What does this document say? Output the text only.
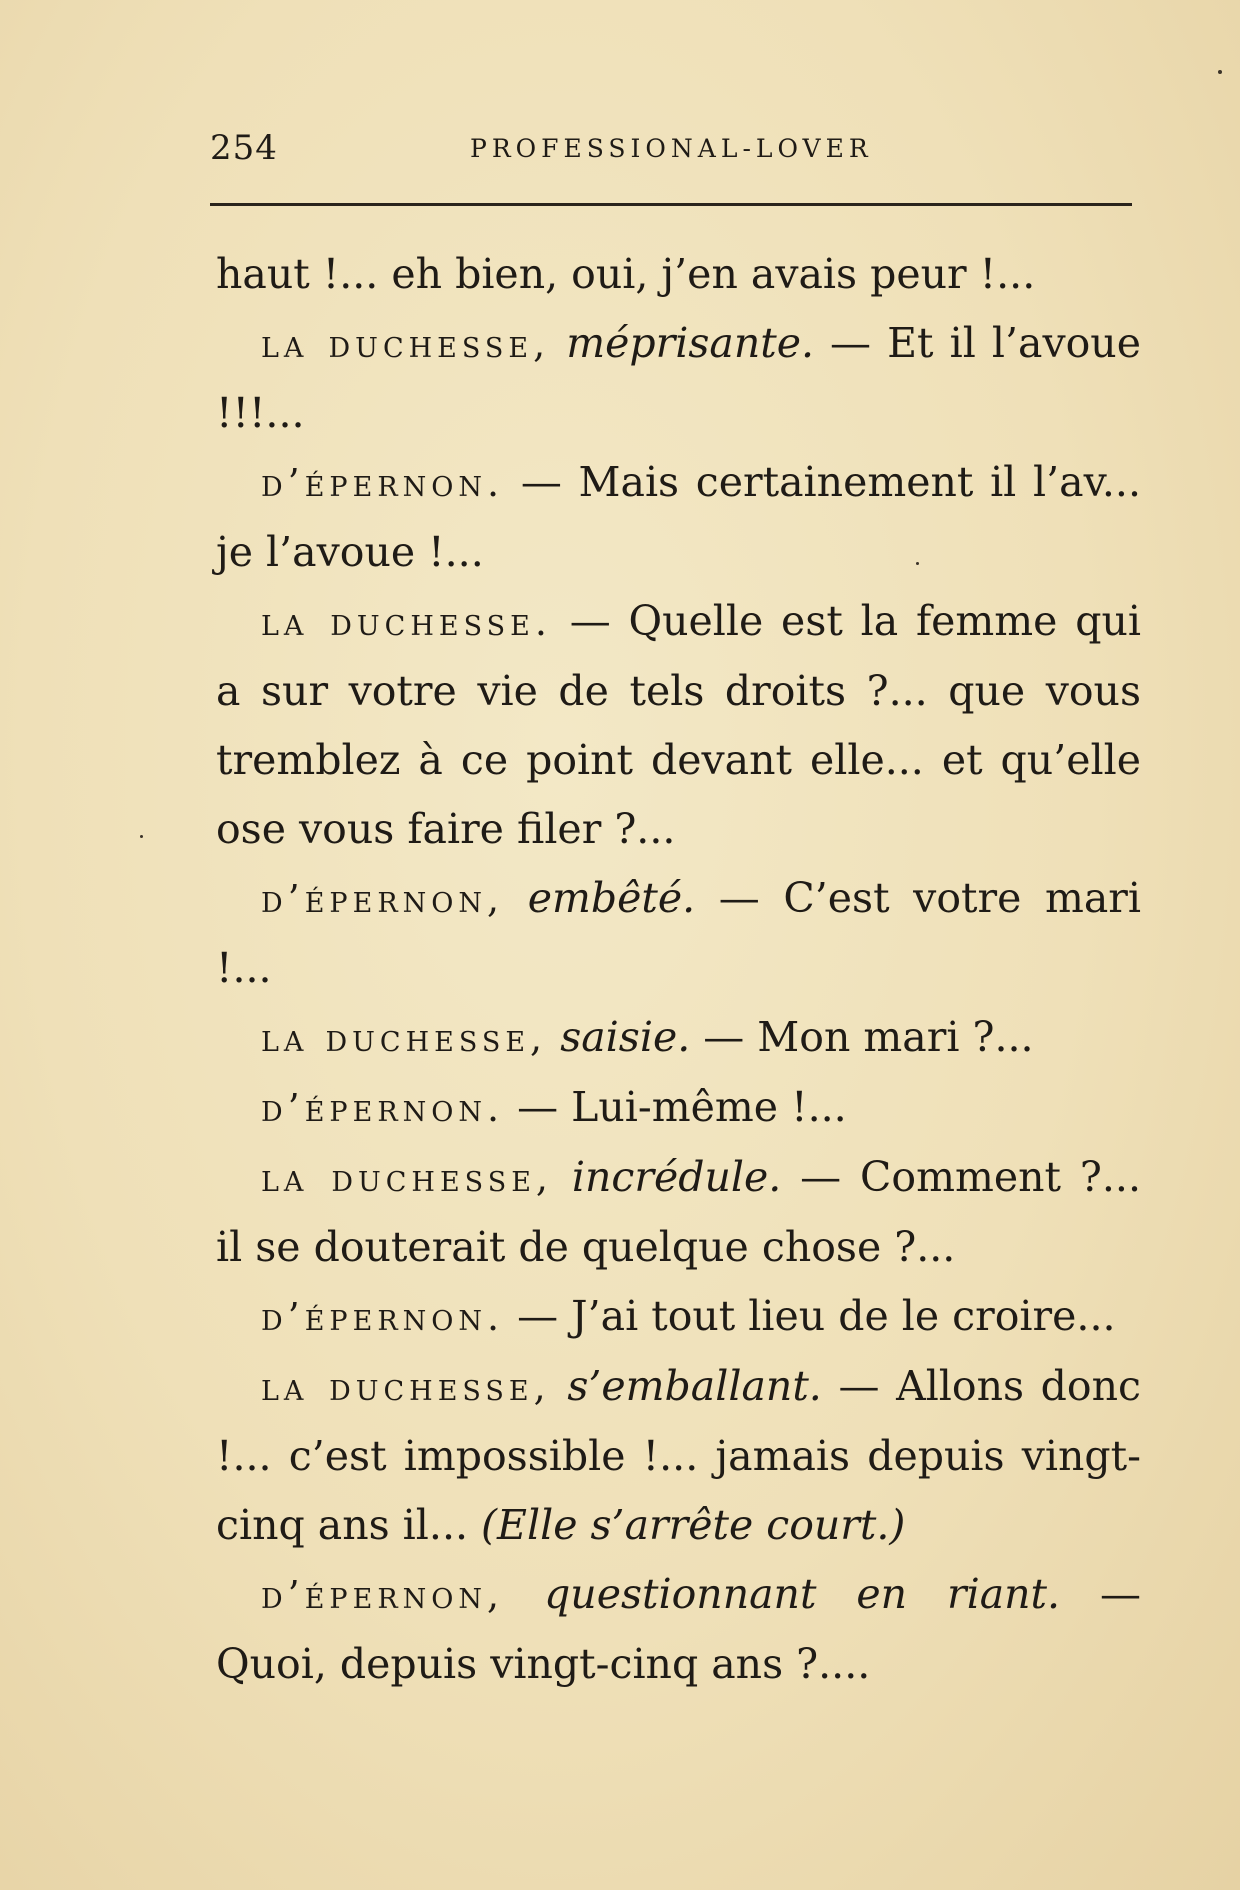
254	PROFESSIONAL-LOVER

haut !... eh bien, oui, j’en avais peur !...

la duchesse, méprisante. — Et il l’avoue !!!...

d’épernon. — Mais certainement il l’av... je l’avoue !...

la duchesse. — Quelle est la femme qui a sur votre vie de tels droits ?... que vous tremblez à ce point devant elle... et qu’elle ose vous faire filer ?...

d’épernon, embêté. — C’est votre mari !...

la duchesse, saisie. — Mon mari ?...

d’épernon. — Lui-même !...

la duchesse, incrédule. — Comment ?... il se douterait de quelque chose ?...

d’épernon. — J’ai tout lieu de le croire...

la duchesse, s’emballant. — Allons donc !... c’est impossible !... jamais depuis vingt-cinq ans il... (Elle s’arrête court.)

d’épernon, questionnant en riant. — Quoi, depuis vingt-cinq ans ?....
